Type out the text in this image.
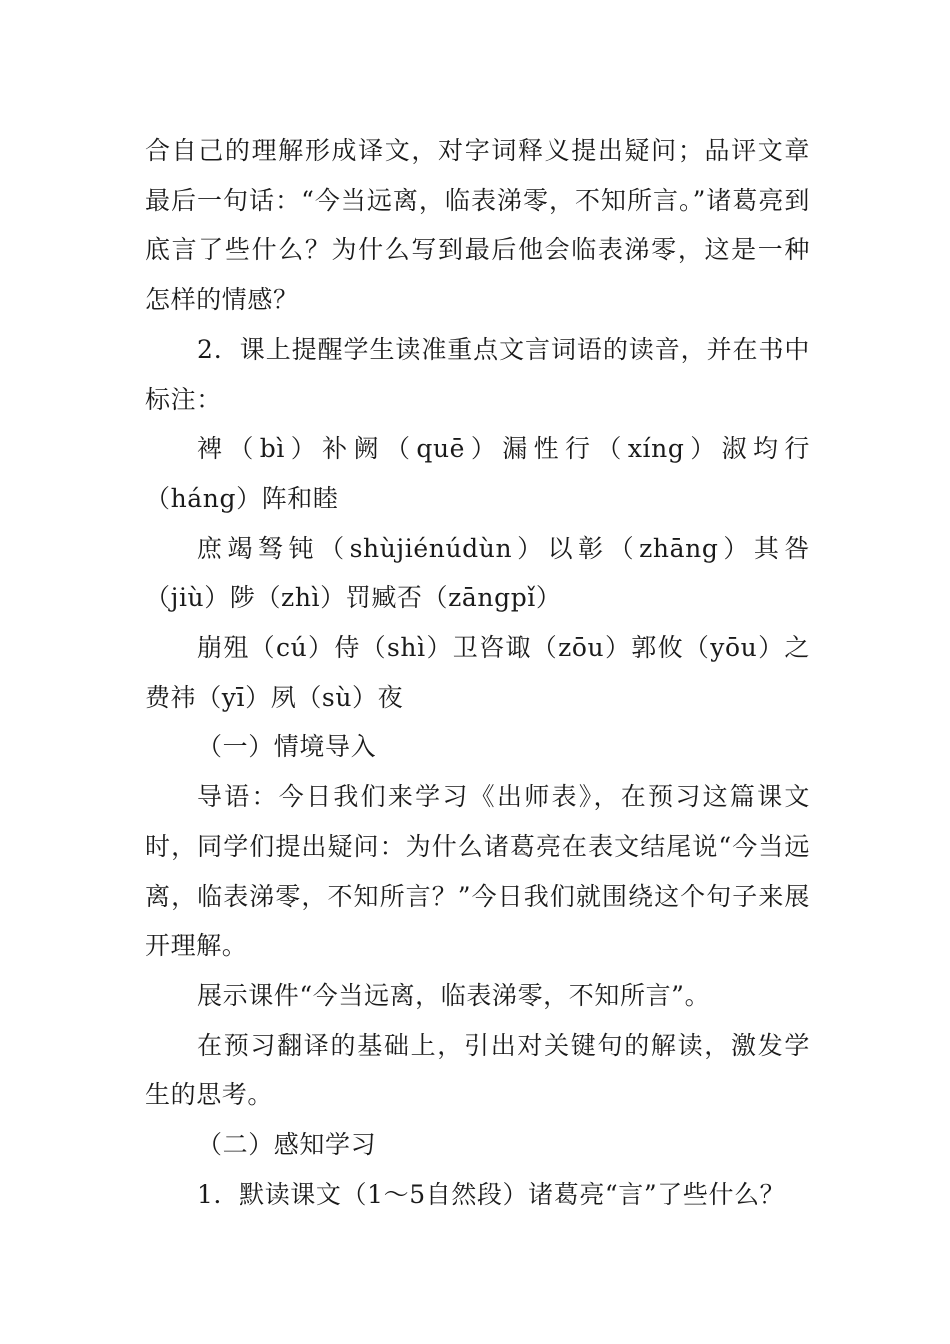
合自己的理解形成译文，对字词释义提出疑问；品评文章最后一句话：“今当远离，临表涕零，不知所言。”诸葛亮到底言了些什么？为什么写到最后他会临表涕零，这是一种怎样的情感？

2．课上提醒学生读准重点文言词语的读音，并在书中标注：

裨（bì）补阙（quē）漏性行（xíng）淑均行（háng）阵和睦

庶竭驽钝（shùjiénúdùn）以彰（zhāng）其咎（jiù）陟（zhì）罚臧否（zāngpǐ）

崩殂（cú）侍（shì）卫咨诹（zōu）郭攸（yōu）之费祎（yī）夙（sù）夜

（一）情境导入

导语：今日我们来学习《出师表》，在预习这篇课文时，同学们提出疑问：为什么诸葛亮在表文结尾说“今当远离，临表涕零，不知所言？”今日我们就围绕这个句子来展开理解。

展示课件“今当远离，临表涕零，不知所言”。

在预习翻译的基础上，引出对关键句的解读，激发学生的思考。

（二）感知学习

1．默读课文（1～5自然段）诸葛亮“言”了些什么？
